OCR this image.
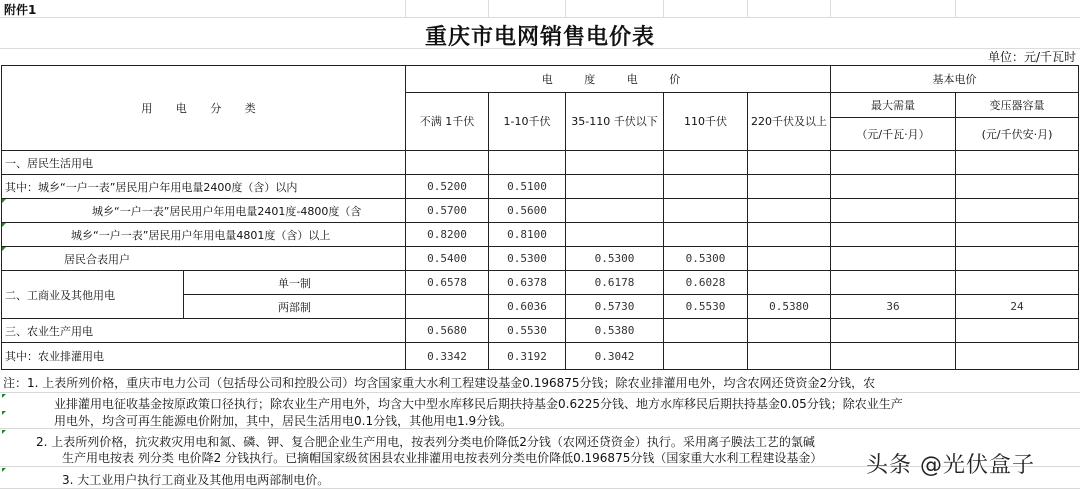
附件1
重庆市电网销售电价表
单位：元/千瓦时
用 电 分 类		电 度 电 价					基本电价	
		不满 1千伏	1-10千伏	35-110 千伏以下	110千伏	220千伏及以上	最大需量	变压器容量
							（元/千瓦·月）	(元/千伏安·月)
一、居民生活用电								
其中：城乡“一户一表”居民用户年用电量2400度（含）以内		0.5200	0.5100					
城乡“一户一表”居民用户年用电量2401度-4800度（含		0.5700	0.5600					
城乡“一户一表”居民用户年用电量4801度（含）以上		0.8200	0.8100					
居民合表用户		0.5400	0.5300	0.5300	0.5300			
二、工商业及其他用电	单一制	0.6578	0.6378	0.6178	0.6028			
	两部制		0.6036	0.5730	0.5530	0.5380	36	24
三、农业生产用电		0.5680	0.5530	0.5380				
其中：农业排灌用电		0.3342	0.3192	0.3042				
注：1. 上表所列价格，重庆市电力公司（包括母公司和控股公司）均含国家重大水利工程建设基金0.196875分钱；除农业排灌用电外，均含农网还贷资金2分钱，农
业排灌用电征收基金按原政策口径执行；除农业生产用电外，均含大中型水库移民后期扶持基金0.6225分钱、地方水库移民后期扶持基金0.05分钱；除农业生产
用电外，均含可再生能源电价附加，其中，居民生活用电0.1分钱，其他用电1.9分钱。
2. 上表所列价格，抗灾救灾用电和氮、磷、钾、复合肥企业生产用电，按表列分类电价降低2分钱（农网还贷资金）执行。采用离子膜法工艺的氯碱
生产用电按表 列分类 电价降2 分钱执行。已摘帽国家级贫困县农业排灌用电按表列分类电价降低0.196875分钱（国家重大水利工程建设基金）
3. 大工业用户执行工商业及其他用电两部制电价。
头条 @光伏盒子
